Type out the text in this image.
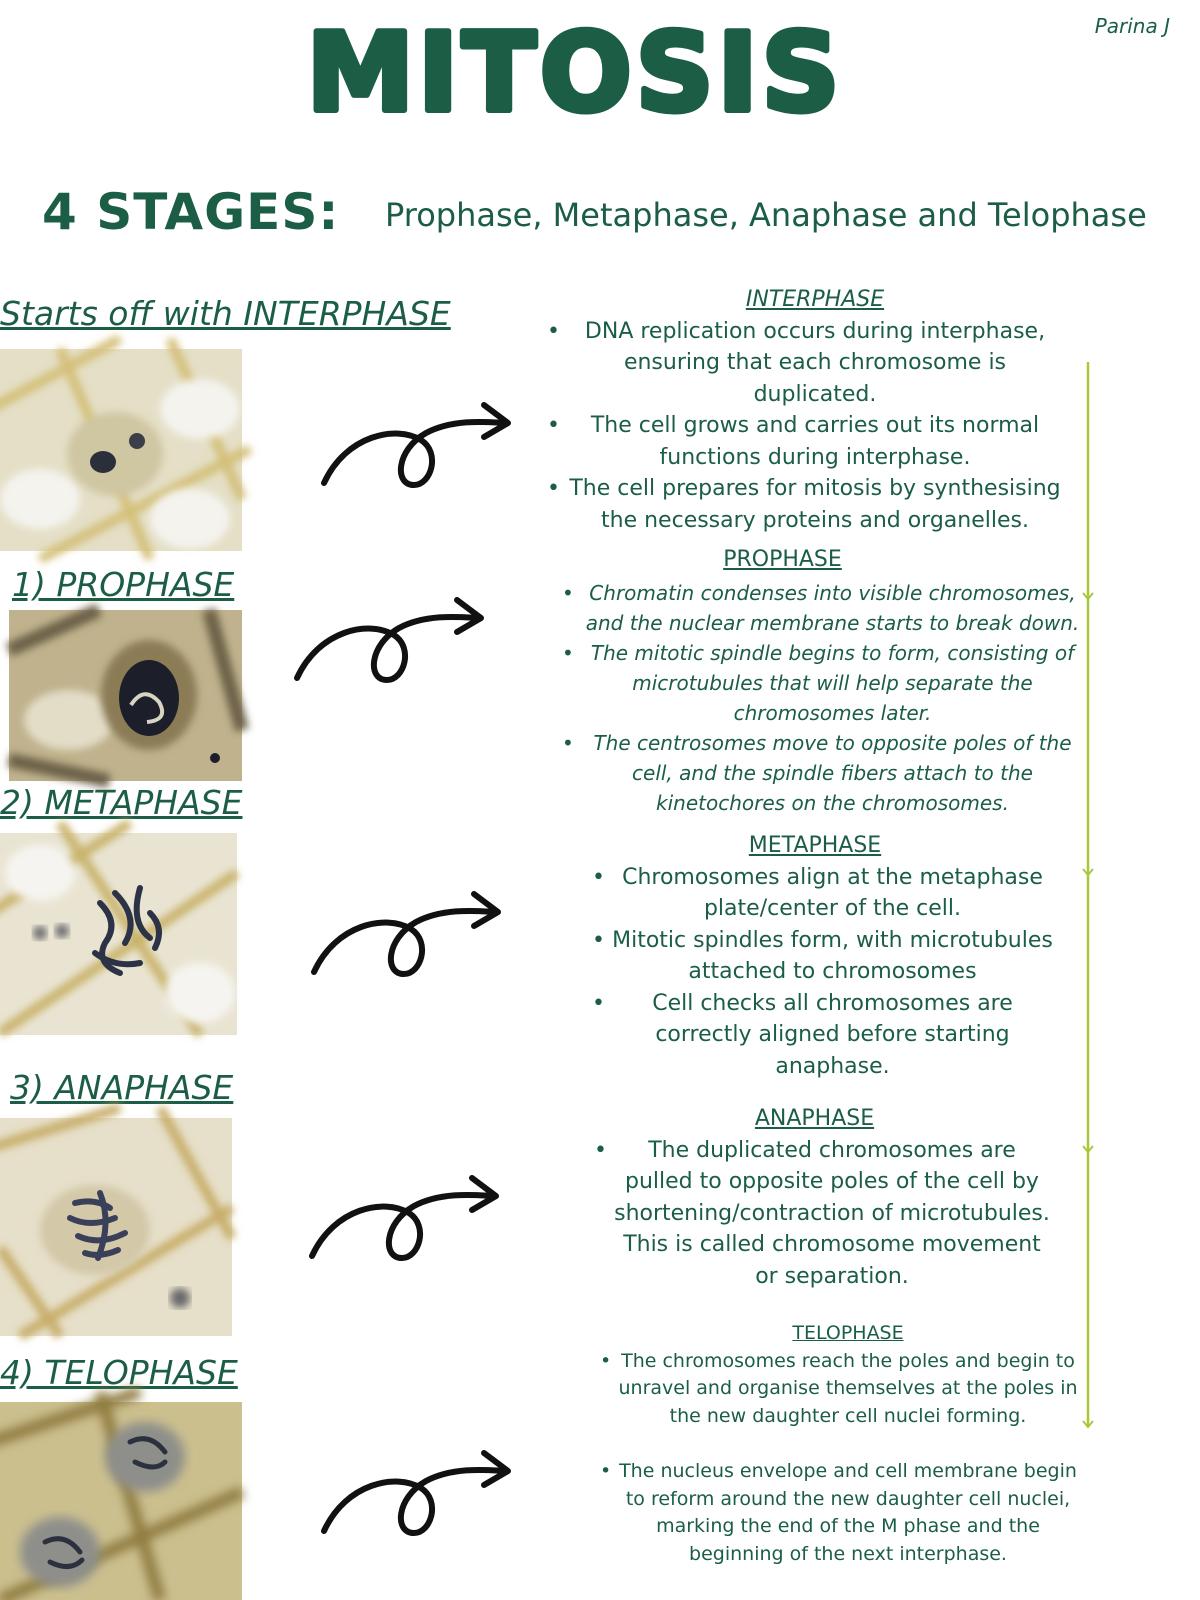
MITOSIS	Parina J
4 STAGES: Prophase, Metaphase, Anaphase and Telophase
Starts off with INTERPHASE
1) PROPHASE
2) METAPHASE
3) ANAPHASE
4) TELOPHASE
INTERPHASE
• DNA replication occurs during interphase, ensuring that each chromosome is duplicated.
• The cell grows and carries out its normal functions during interphase.
• The cell prepares for mitosis by synthesising the necessary proteins and organelles.
PROPHASE
• Chromatin condenses into visible chromosomes, and the nuclear membrane starts to break down.
• The mitotic spindle begins to form, consisting of microtubules that will help separate the chromosomes later.
• The centrosomes move to opposite poles of the cell, and the spindle fibers attach to the kinetochores on the chromosomes.
METAPHASE
• Chromosomes align at the metaphase plate/center of the cell.
• Mitotic spindles form, with microtubules attached to chromosomes
• Cell checks all chromosomes are correctly aligned before starting anaphase.
ANAPHASE
• The duplicated chromosomes are pulled to opposite poles of the cell by shortening/contraction of microtubules. This is called chromosome movement or separation.
TELOPHASE
• The chromosomes reach the poles and begin to unravel and organise themselves at the poles in the new daughter cell nuclei forming.
• The nucleus envelope and cell membrane begin to reform around the new daughter cell nuclei, marking the end of the M phase and the beginning of the next interphase.
